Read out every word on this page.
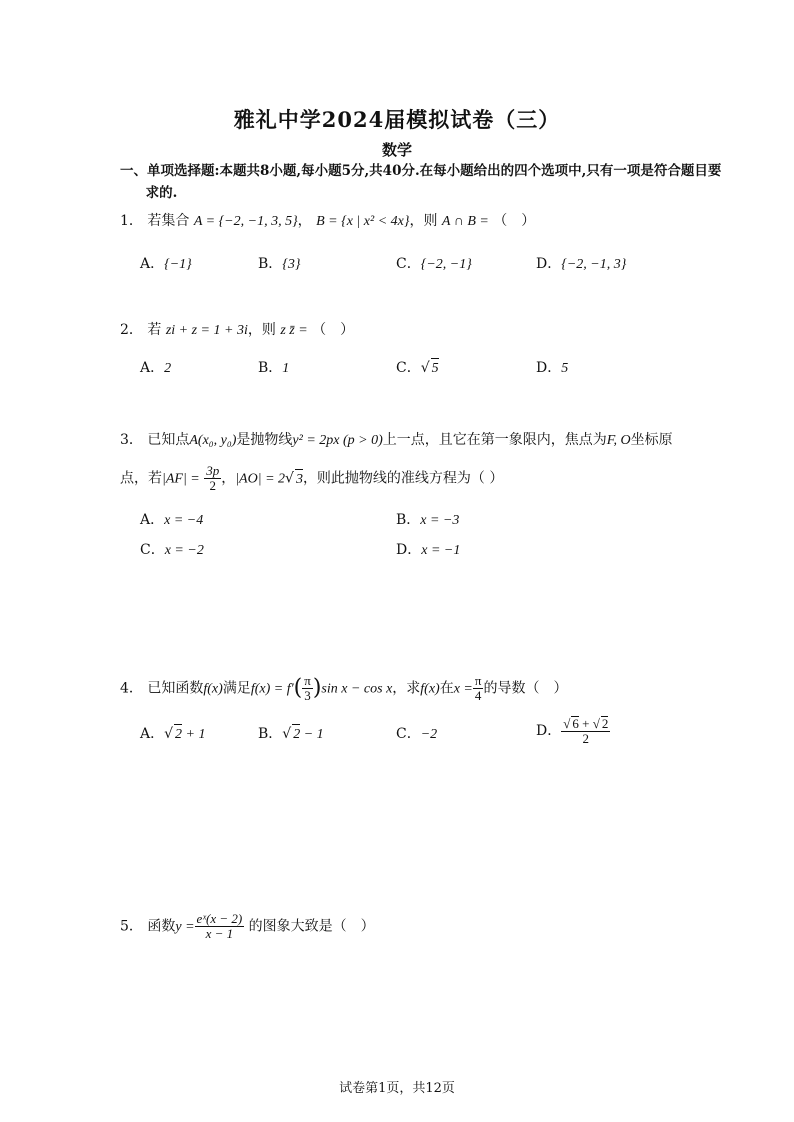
雅礼中学2024届模拟试卷（三）
数学
一、单项选择题:本题共8小题,每小题5分,共40分.在每小题给出的四个选项中,只有一项是符合题目要求的.
1． 若集合 A = {−2, −1, 3, 5}， B = {x | x² < 4x}，则 A ∩ B = （　）
A．{−1}	B．{3}	C．{−2, −1}	D．{−2, −1, 3}
2． 若 zi + z = 1 + 3i，则 z z̄ = （　）
A．2	B．1	C．√ 5	D．5
3． 已知点A(x₀, y₀)是抛物线y² = 2px (p > 0)上一点，且它在第一象限内，焦点为F, O坐标原
点，若$|AF| = \frac{3p}{2}$ ，|AO| = 2√ 3，则此抛物线的准线方程为（ ）
A．x = −4	B．x = −3
C．x = −2	D．x = −1
4． 已知函数f(x)满足$f(x) = f'( \frac{\pi}{3} )\sin$ x − cos x，求f(x)在$x = \frac{\pi}{4}$ 的导数（　）
A．√ 2 + 1	B．√ 2 − 1	C．−2	D． $\frac{√ 6 + √ 2}{2}$
5． 函数$y = \frac{\text{eˣ(x − 2)}}{x - 1}$ 的图象大致是（　）
试卷第1页，共12页
